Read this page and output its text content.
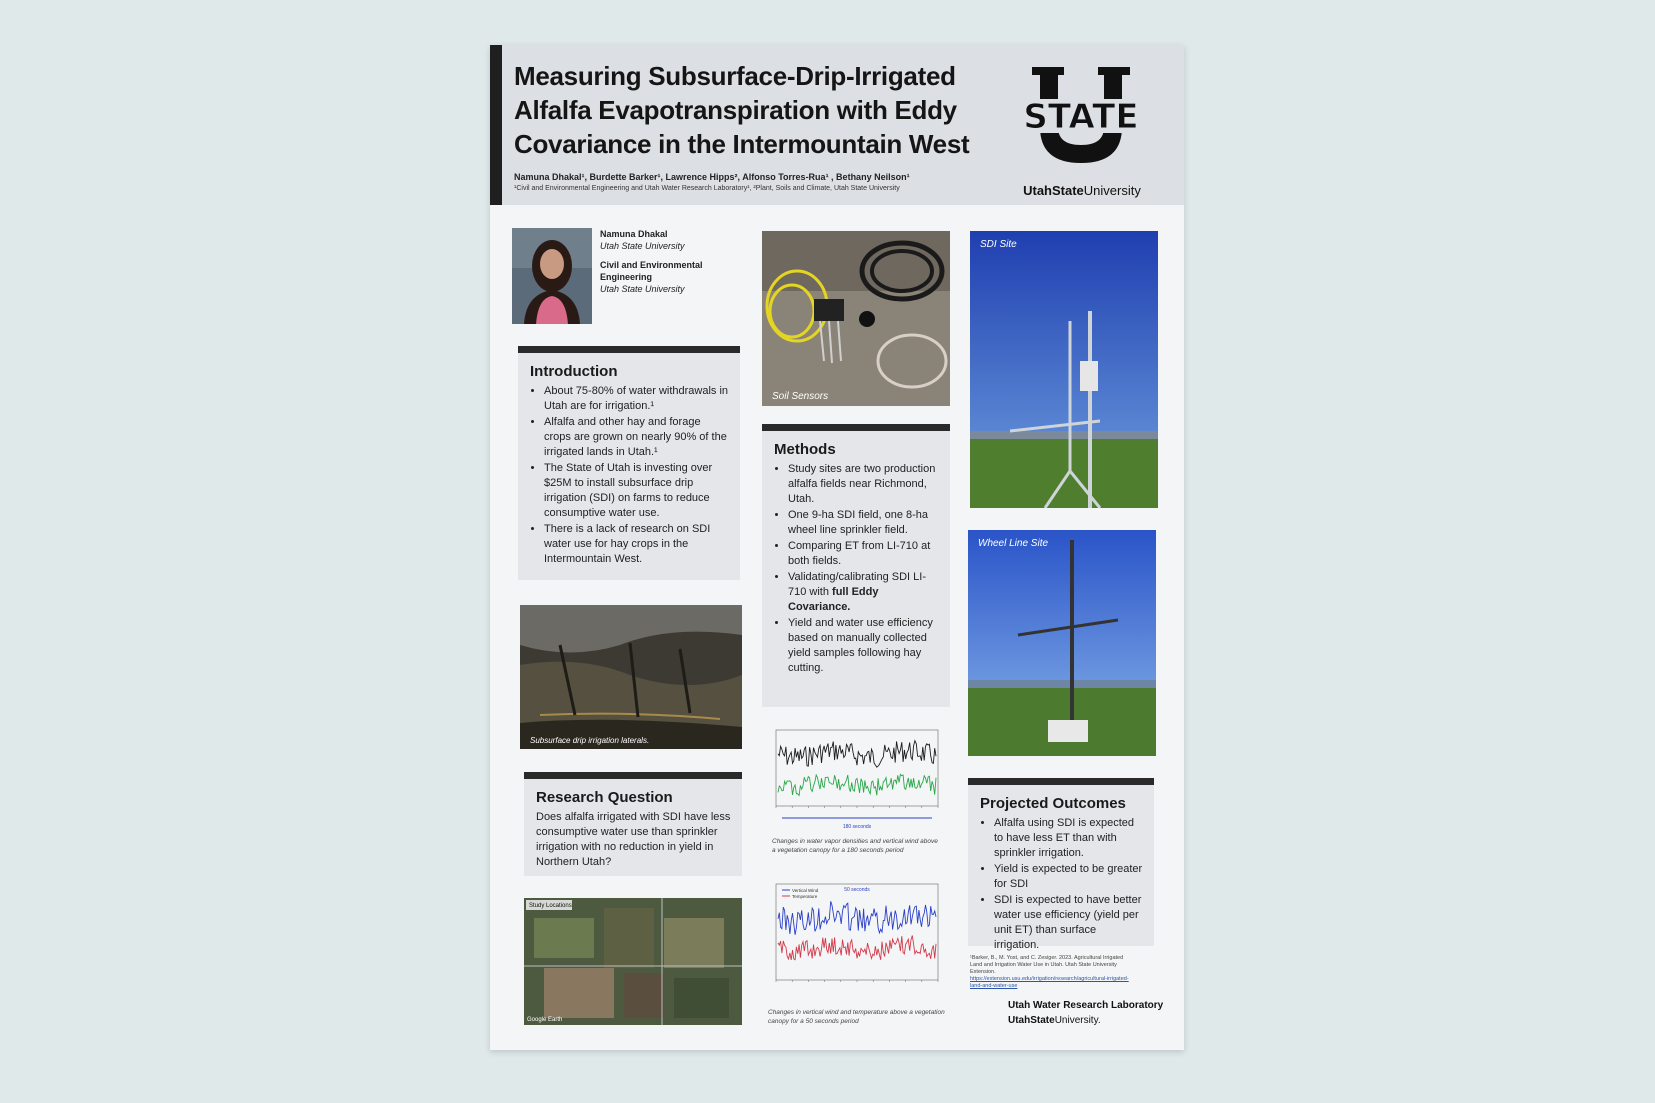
Measuring Subsurface-Drip-Irrigated
Alfalfa Evapotranspiration with Eddy
Covariance in the Intermountain West
Namuna Dhakal¹, Burdette Barker¹, Lawrence Hipps², Alfonso Torres-Rua¹ , Bethany Neilson¹
¹Civil and Environmental Engineering and Utah Water Research Laboratory¹, ²Plant, Soils and Climate, Utah State University
STATE
UtahStateUniversity
Namuna Dhakal
Utah State University
Civil and Environmental Engineering
Utah State University
Introduction
• About 75-80% of water withdrawals in Utah are for irrigation.¹
• Alfalfa and other hay and forage crops are grown on nearly 90% of the irrigated lands in Utah.¹
• The State of Utah is investing over $25M to install subsurface drip irrigation (SDI) on farms to reduce consumptive water use.
• There is a lack of research on SDI water use for hay crops in the Intermountain West.
Subsurface drip irrigation laterals.
Research Question

Does alfalfa irrigated with SDI have less consumptive water use than sprinkler irrigation with no reduction in yield in Northern Utah?

Study Locations
Google Earth
Soil Sensors
Methods
• Study sites are two production alfalfa fields near Richmond, Utah.
• One 9-ha SDI field, one 8-ha wheel line sprinkler field.
• Comparing ET from LI-710 at both fields.
• Validating/calibrating SDI LI-710 with full Eddy Covariance.
• Yield and water use efficiency based on manually collected yield samples following hay cutting.
180 seconds
Changes in water vapor densities and vertical wind above a vegetation canopy for a 180 seconds period
50 seconds
Vertical Wind
Temperature
Changes in vertical wind and temperature above a vegetation canopy for a 50 seconds period
SDI Site
Wheel Line Site
Projected Outcomes
• Alfalfa using SDI is expected to have less ET than with sprinkler irrigation.
• Yield is expected to be greater for SDI
• SDI is expected to have better water use efficiency (yield per unit ET) than surface irrigation.
¹Barker, B., M. Yost, and C. Zesiger. 2023. Agricultural Irrigated Land and Irrigation Water Use in Utah. Utah State University Extension. https://extension.usu.edu/irrigation/research/agricultural-irrigated-land-and-water-use
Utah Water Research Laboratory
UtahStateUniversity.
